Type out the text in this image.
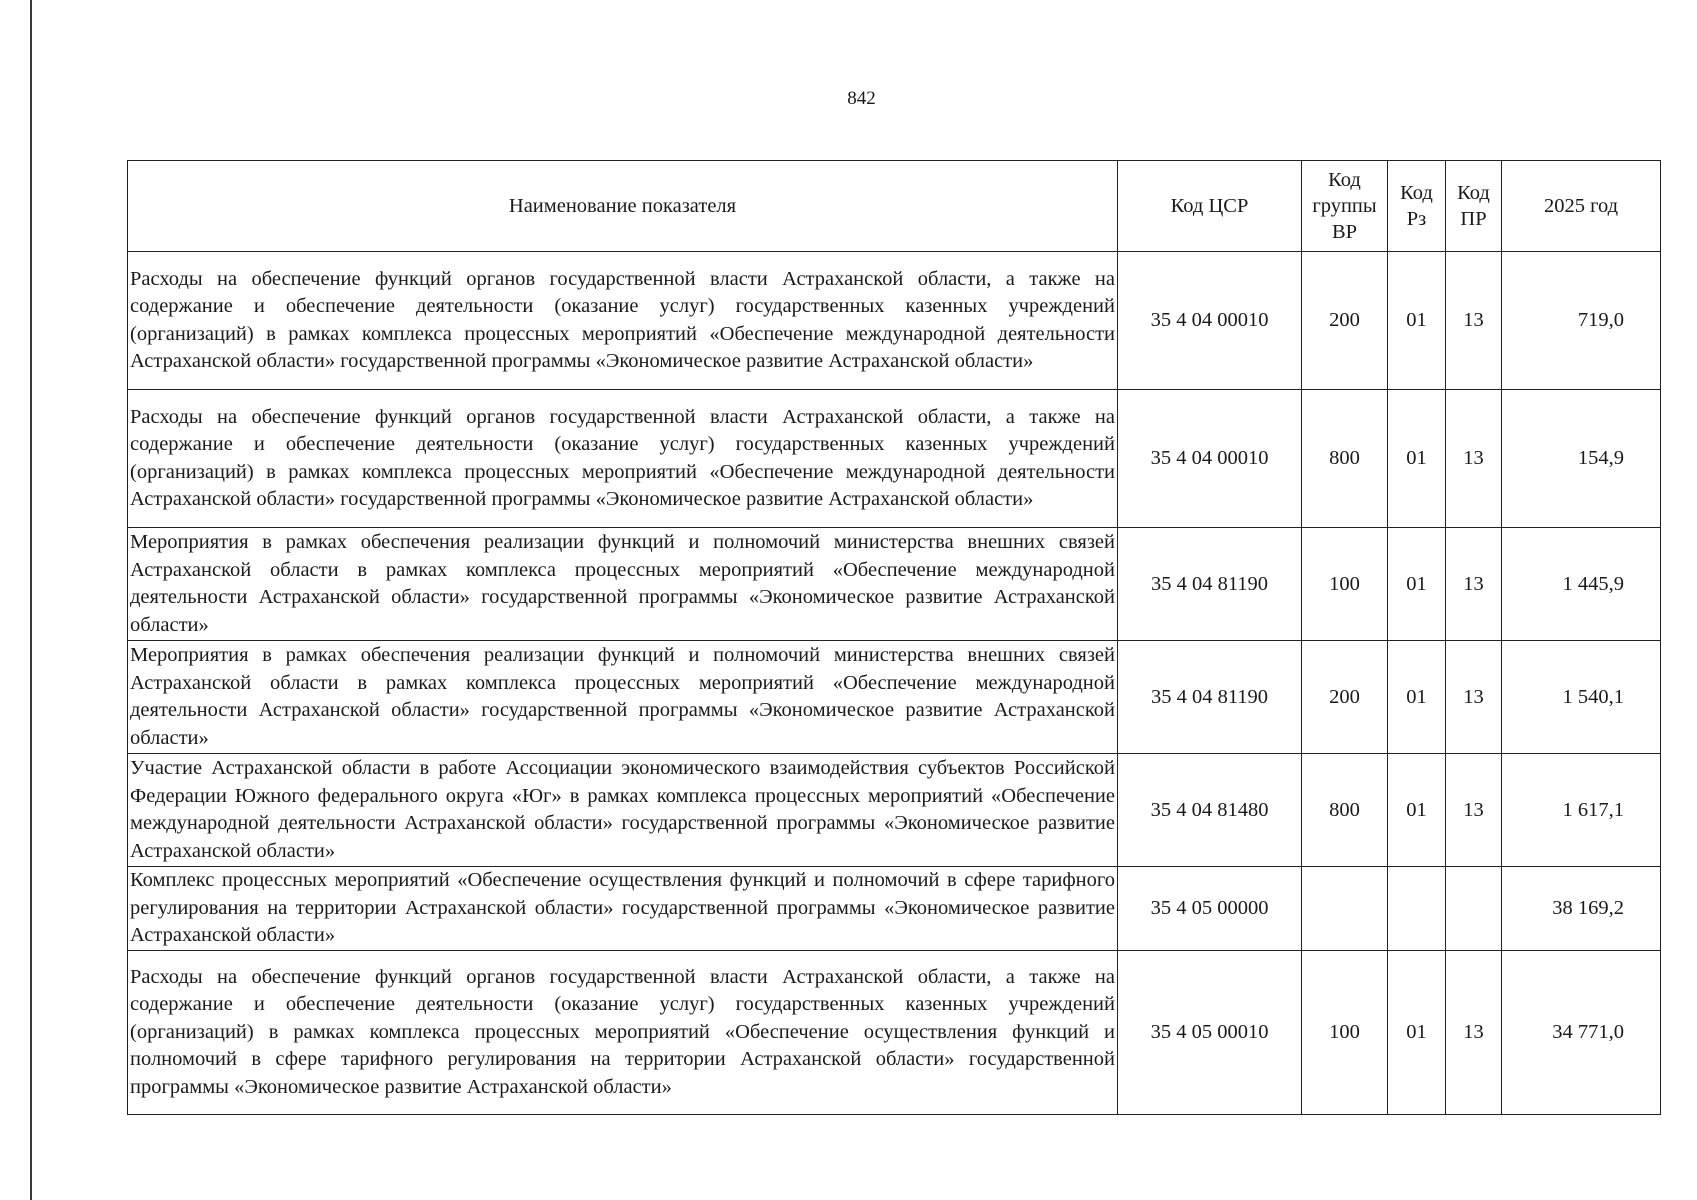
842
Наименование показателя	Код ЦСР	Код группы ВР	Код Рз	Код ПР	2025 год
Расходы на обеспечение функций органов государственной власти Астраханской области, а также на содержание и обеспечение деятельности (оказание услуг) государственных казенных учреждений (организаций) в рамках комплекса процессных мероприятий «Обеспечение международной деятельности Астраханской области» государственной программы «Экономическое развитие Астраханской области»	35 4 04 00010	200	01	13	719,0
Расходы на обеспечение функций органов государственной власти Астраханской области, а также на содержание и обеспечение деятельности (оказание услуг) государственных казенных учреждений (организаций) в рамках комплекса процессных мероприятий «Обеспечение международной деятельности Астраханской области» государственной программы «Экономическое развитие Астраханской области»	35 4 04 00010	800	01	13	154,9
Мероприятия в рамках обеспечения реализации функций и полномочий министерства внешних связей Астраханской области в рамках комплекса процессных мероприятий «Обеспечение международной деятельности Астраханской области» государственной программы «Экономическое развитие Астраханской области»	35 4 04 81190	100	01	13	1 445,9
Мероприятия в рамках обеспечения реализации функций и полномочий министерства внешних связей Астраханской области в рамках комплекса процессных мероприятий «Обеспечение международной деятельности Астраханской области» государственной программы «Экономическое развитие Астраханской области»	35 4 04 81190	200	01	13	1 540,1
Участие Астраханской области в работе Ассоциации экономического взаимодействия субъектов Российской Федерации Южного федерального округа «Юг» в рамках комплекса процессных мероприятий «Обеспечение международной деятельности Астраханской области» государственной программы «Экономическое развитие Астраханской области»	35 4 04 81480	800	01	13	1 617,1
Комплекс процессных мероприятий «Обеспечение осуществления функций и полномочий в сфере тарифного регулирования на территории Астраханской области» государственной программы «Экономическое развитие Астраханской области»	35 4 05 00000				38 169,2
Расходы на обеспечение функций органов государственной власти Астраханской области, а также на содержание и обеспечение деятельности (оказание услуг) государственных казенных учреждений (организаций) в рамках комплекса процессных мероприятий «Обеспечение осуществления функций и полномочий в сфере тарифного регулирования на территории Астраханской области» государственной программы «Экономическое развитие Астраханской области»	35 4 05 00010	100	01	13	34 771,0
